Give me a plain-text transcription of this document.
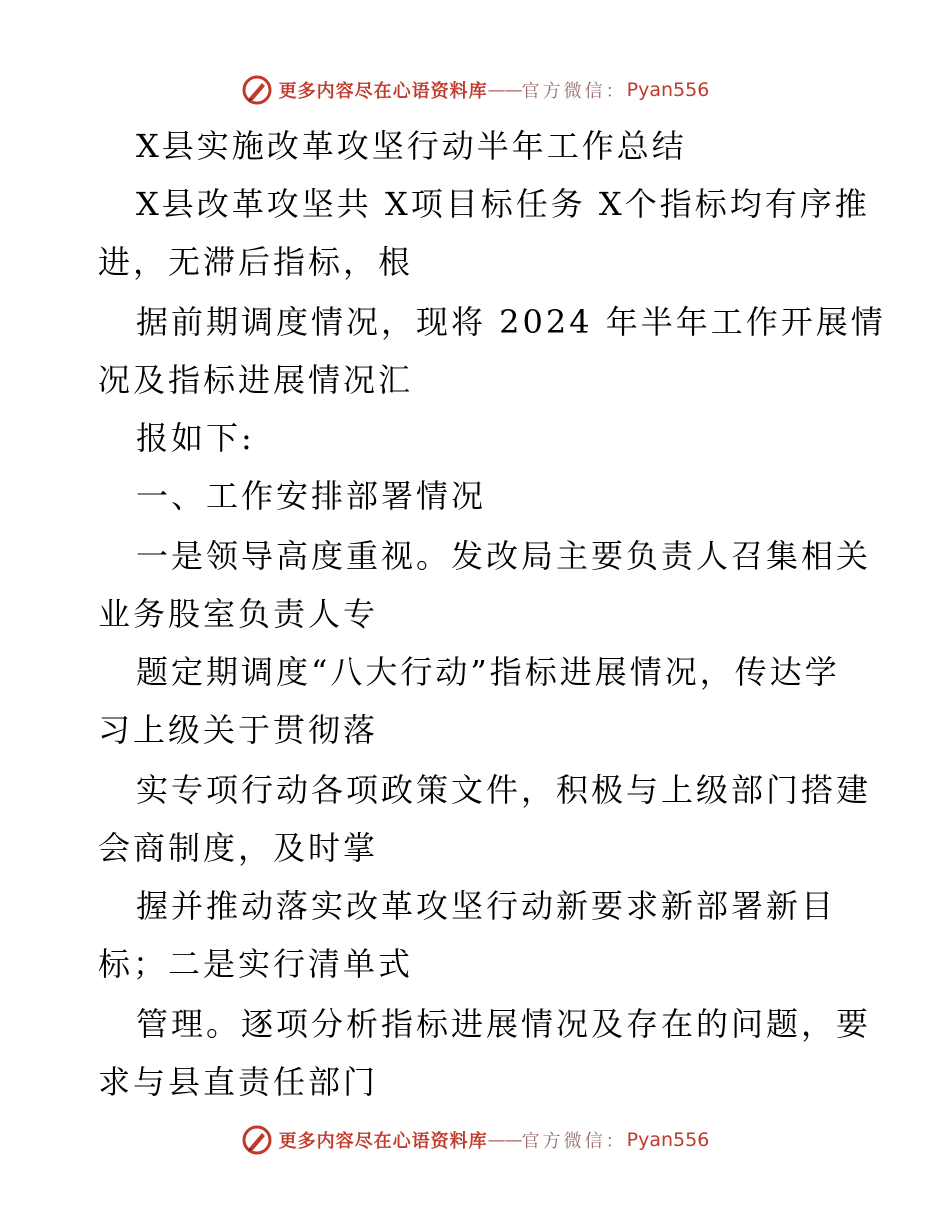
更多内容尽在心语资料库 —— 官方微信： Pyan556
X县实施改革攻坚行动半年工作总结
X县改革攻坚共 X项目标任务 X个指标均有序推
进，无滞后指标，根
据前期调度情况，现将 2024 年半年工作开展情
况及指标进展情况汇
报如下:
一、工作安排部署情况
一是领导高度重视。发改局主要负责人召集相关
业务股室负责人专
题定期调度“八大行动”指标进展情况，传达学
习上级关于贯彻落
实专项行动各项政策文件，积极与上级部门搭建
会商制度，及时掌
握并推动落实改革攻坚行动新要求新部署新目
标；二是实行清单式
管理。逐项分析指标进展情况及存在的问题，要
求与县直责任部门
更多内容尽在心语资料库 —— 官方微信： Pyan556
